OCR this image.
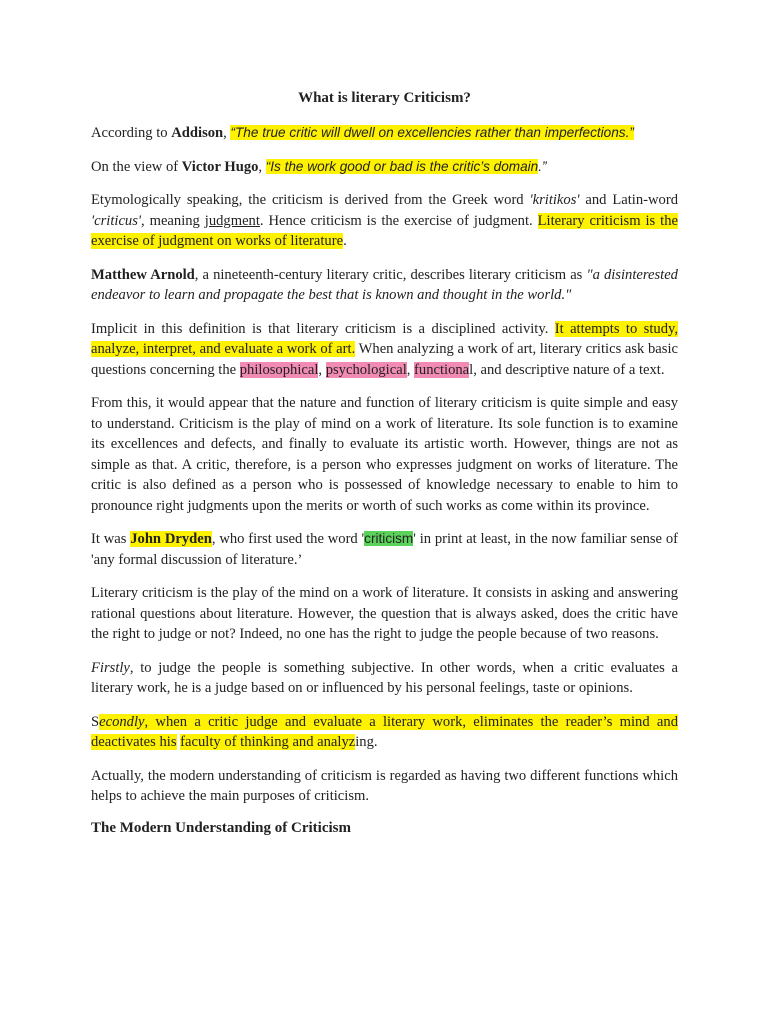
What is literary Criticism?

According to Addison, “The true critic will dwell on excellencies rather than imperfections.”

On the view of Victor Hugo, “Is the work good or bad is the critic’s domain.”

Etymologically speaking, the criticism is derived from the Greek word 'kritikos' and Latin-word 'criticus', meaning judgment. Hence criticism is the exercise of judgment. Literary criticism is the exercise of judgment on works of literature.

Matthew Arnold, a nineteenth-century literary critic, describes literary criticism as "a disinterested endeavor to learn and propagate the best that is known and thought in the world."

Implicit in this definition is that literary criticism is a disciplined activity. It attempts to study, analyze, interpret, and evaluate a work of art. When analyzing a work of art, literary critics ask basic questions concerning the philosophical, psychological, functional, and descriptive nature of a text.

From this, it would appear that the nature and function of literary criticism is quite simple and easy to understand. Criticism is the play of mind on a work of literature. Its sole function is to examine its excellences and defects, and finally to evaluate its artistic worth. However, things are not as simple as that. A critic, therefore, is a person who expresses judgment on works of literature. The critic is also defined as a person who is possessed of knowledge necessary to enable to him to pronounce right judgments upon the merits or worth of such works as come within its province.

It was John Dryden, who first used the word 'criticism' in print at least, in the now familiar sense of 'any formal discussion of literature.’

Literary criticism is the play of the mind on a work of literature. It consists in asking and answering rational questions about literature. However, the question that is always asked, does the critic have the right to judge or not? Indeed, no one has the right to judge the people because of two reasons.

Firstly, to judge the people is something subjective. In other words, when a critic evaluates a literary work, he is a judge based on or influenced by his personal feelings, taste or opinions.

Secondly, when a critic judge and evaluate a literary work, eliminates the reader’s mind and deactivates his faculty of thinking and analyzing.

Actually, the modern understanding of criticism is regarded as having two different functions which helps to achieve the main purposes of criticism.

The Modern Understanding of Criticism
